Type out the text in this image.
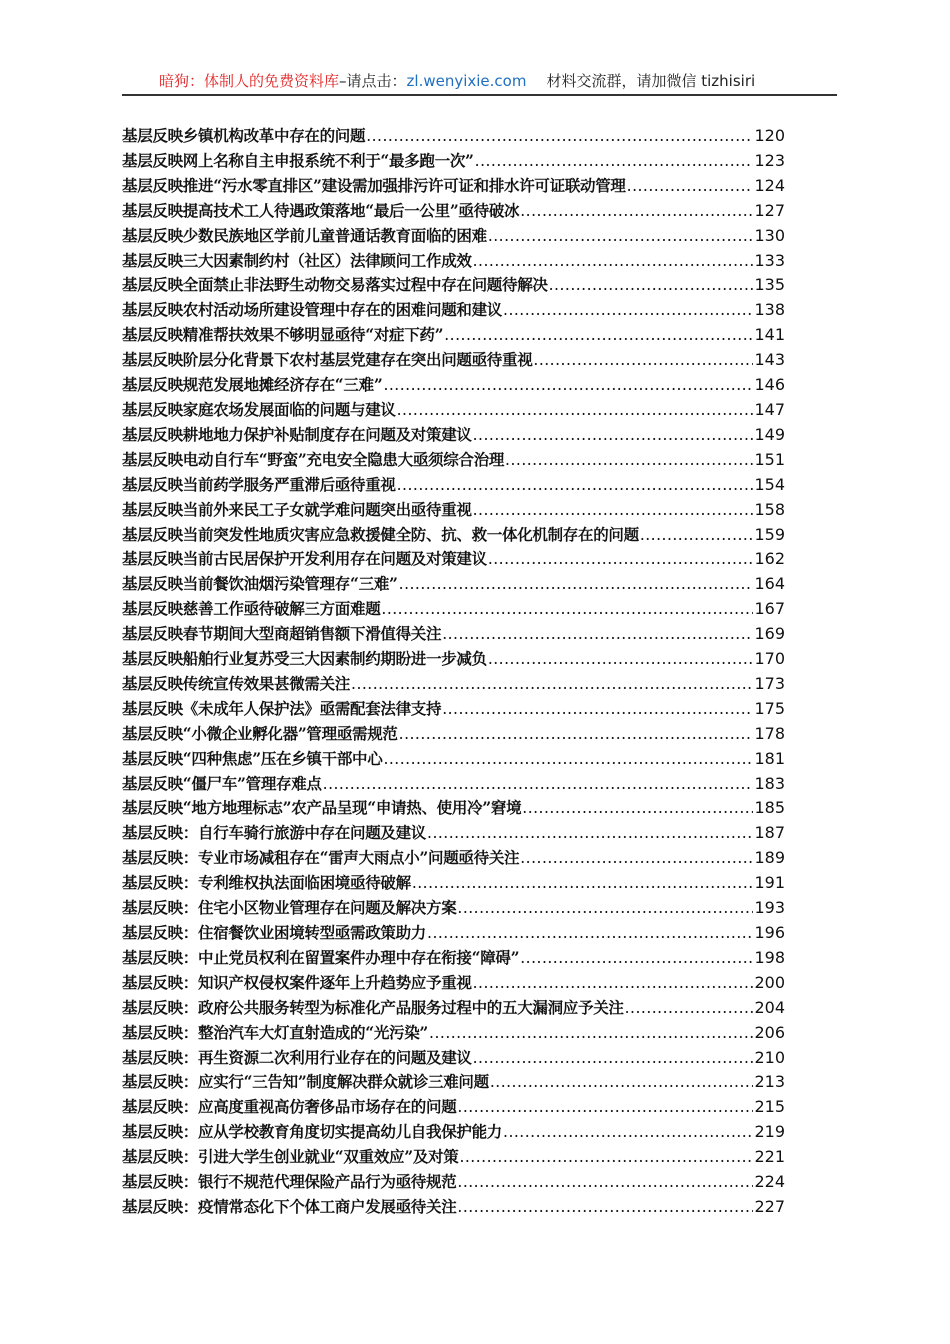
暗狗：体制人的免费资料库–请点击：zl.wenyixie.com 材料交流群，请加微信 tizhisiri
基层反映乡镇机构改革中存在的问题 .....	120
基层反映网上名称自主申报系统不利于“最多跑一次” .....	123
基层反映推进“污水零直排区”建设需加强排污许可证和排水许可证联动管理 .....	124
基层反映提高技术工人待遇政策落地“最后一公里”亟待破冰 .....	127
基层反映少数民族地区学前儿童普通话教育面临的困难 .....	130
基层反映三大因素制约村（社区）法律顾问工作成效 .....	133
基层反映全面禁止非法野生动物交易落实过程中存在问题待解决 .....	135
基层反映农村活动场所建设管理中存在的困难问题和建议 .....	138
基层反映精准帮扶效果不够明显亟待“对症下药” .....	141
基层反映阶层分化背景下农村基层党建存在突出问题亟待重视 .....	143
基层反映规范发展地摊经济存在“三难” .....	146
基层反映家庭农场发展面临的问题与建议 .....	147
基层反映耕地地力保护补贴制度存在问题及对策建议 .....	149
基层反映电动自行车“野蛮”充电安全隐患大亟须综合治理 .....	151
基层反映当前药学服务严重滞后亟待重视 .....	154
基层反映当前外来民工子女就学难问题突出亟待重视 .....	158
基层反映当前突发性地质灾害应急救援健全防、抗、救一体化机制存在的问题 .....	159
基层反映当前古民居保护开发利用存在问题及对策建议 .....	162
基层反映当前餐饮油烟污染管理存“三难” .....	164
基层反映慈善工作亟待破解三方面难题 .....	167
基层反映春节期间大型商超销售额下滑值得关注 .....	169
基层反映船舶行业复苏受三大因素制约期盼进一步减负 .....	170
基层反映传统宣传效果甚微需关注 .....	173
基层反映《未成年人保护法》亟需配套法律支持 .....	175
基层反映“小微企业孵化器”管理亟需规范 .....	178
基层反映“四种焦虑”压在乡镇干部中心 .....	181
基层反映“僵尸车”管理存难点 .....	183
基层反映“地方地理标志”农产品呈现“申请热、使用冷”窘境 .....	185
基层反映：自行车骑行旅游中存在问题及建议 .....	187
基层反映：专业市场减租存在“雷声大雨点小”问题亟待关注 .....	189
基层反映：专利维权执法面临困境亟待破解 .....	191
基层反映：住宅小区物业管理存在问题及解决方案 .....	193
基层反映：住宿餐饮业困境转型亟需政策助力 .....	196
基层反映：中止党员权利在留置案件办理中存在衔接“障碍” .....	198
基层反映：知识产权侵权案件逐年上升趋势应予重视 .....	200
基层反映：政府公共服务转型为标准化产品服务过程中的五大漏洞应予关注 .....	204
基层反映：整治汽车大灯直射造成的“光污染” .....	206
基层反映：再生资源二次利用行业存在的问题及建议 .....	210
基层反映：应实行“三告知”制度解决群众就诊三难问题 .....	213
基层反映：应高度重视高仿奢侈品市场存在的问题 .....	215
基层反映：应从学校教育角度切实提高幼儿自我保护能力 .....	219
基层反映：引进大学生创业就业“双重效应”及对策 .....	221
基层反映：银行不规范代理保险产品行为亟待规范 .....	224
基层反映：疫情常态化下个体工商户发展亟待关注 .....	227
